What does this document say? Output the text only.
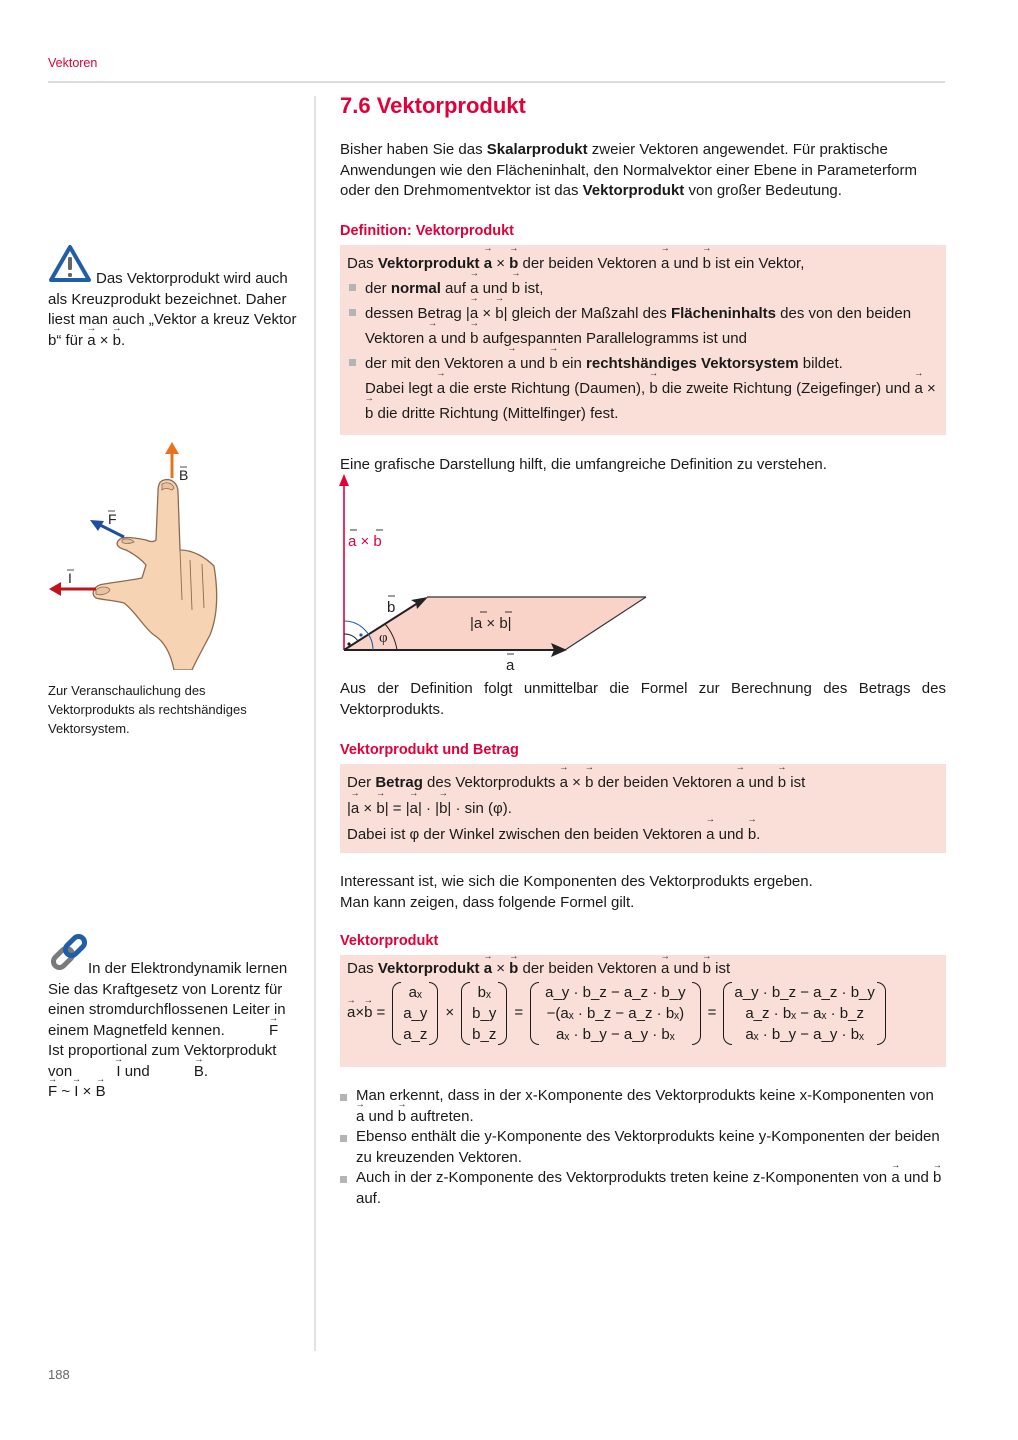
Vektoren
7.6 Vektorprodukt
Bisher haben Sie das Skalarprodukt zweier Vektoren angewendet. Für praktische Anwendungen wie den Flächeninhalt, den Normalvektor einer Ebene in Parameterform oder den Drehmomentvektor ist das Vektorprodukt von großer Bedeutung.
Definition: Vektorprodukt

Das Vektorprodukt → a × → b der beiden Vektoren → a und → b ist ein Vektor,

der normal auf → a und → b ist,

dessen Betrag |→ a × → b| gleich der Maßzahl des Flächeninhalts des von den beiden Vektoren → a und → b aufgespannten Parallelogramms ist und

der mit den Vektoren → a und → b ein rechtshändiges Vektorsystem bildet.
Dabei legt → a die erste Richtung (Daumen), → b die zweite Richtung (Zeigefinger) und → a × → b die dritte Richtung (Mittelfinger) fest.

Eine grafische Darstellung hilft, die umfangreiche Definition zu verstehen.
φ
a × b
b
|a × b|
a
Aus der Definition folgt unmittelbar die Formel zur Berechnung des Betrags des Vektorprodukts.
Vektorprodukt und Betrag

Der Betrag des Vektorprodukts → a × → b der beiden Vektoren → a und → b ist

|→ a × → b| = |→ a| · |→ b| · sin (φ).

Dabei ist φ der Winkel zwischen den beiden Vektoren → a und → b.

Interessant ist, wie sich die Komponenten des Vektorprodukts ergeben.
Man kann zeigen, dass folgende Formel gilt.
Vektorprodukt

Das Vektorprodukt → a × → b der beiden Vektoren → a und → b ist

→ a × → b =
aₓ
a_y
a_z
×
bₓ
b_y
b_z
=
a_y · b_z − a_z · b_y
−(aₓ · b_z − a_z · bₓ)
aₓ · b_y − a_y · bₓ
=
a_y · b_z − a_z · b_y
a_z · bₓ − aₓ · b_z
aₓ · b_y − a_y · bₓ

Man erkennt, dass in der x-Komponente des Vektorprodukts keine x-Komponenten von → a und → b auftreten.

Ebenso enthält die y-Komponente des Vektorprodukts keine y-Komponenten der beiden zu kreuzenden Vektoren.

Auch in der z-Komponente des Vektorprodukts treten keine z-Komponenten von → a und → b auf.

Das Vektorprodukt wird auch als Kreuzprodukt bezeichnet. Daher liest man auch „Vektor a kreuz Vektor b“ für → a × → b.
B
F
I
Zur Veranschaulichung des Vektorprodukts als rechtshändiges Vektorsystem.
In der Elektrondynamik lernen Sie das Kraftgesetz von Lorentz für einen stromdurchflossenen Leiter in einem Magnetfeld kennen.	→ F Ist proportional zum Vektorprodukt von	→ I und	→ B.
→ F ~ → I × → B
188
